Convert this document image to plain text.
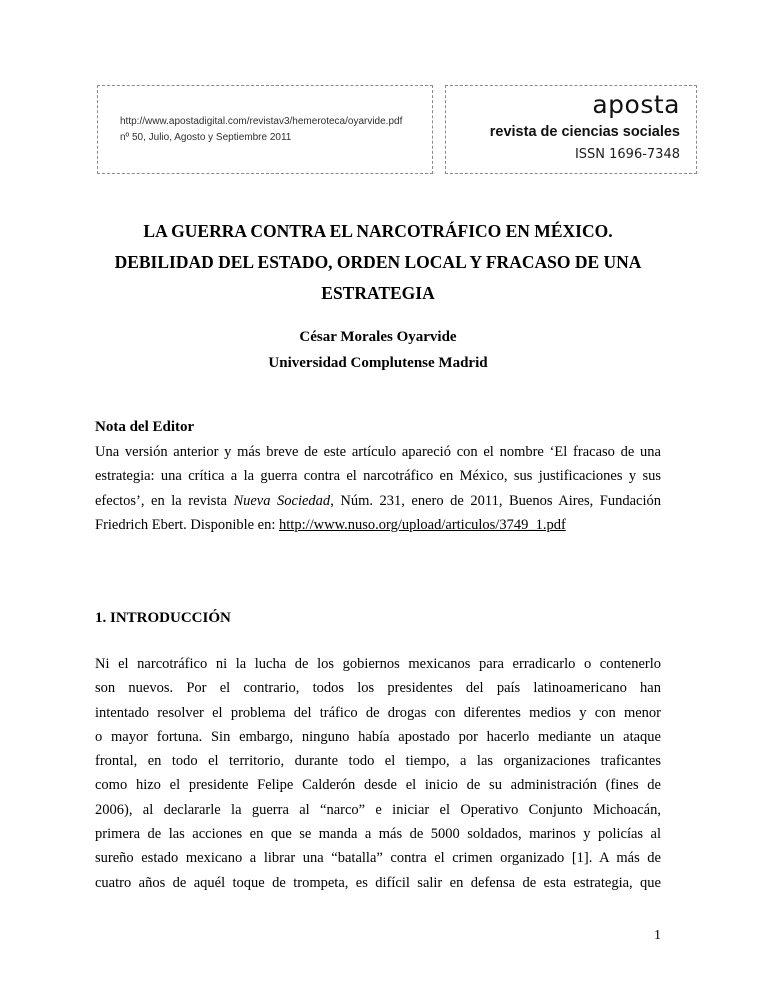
http://www.apostadigital.com/revistav3/hemeroteca/oyarvide.pdf
nº 50, Julio, Agosto y Septiembre 2011
aposta
revista de ciencias sociales
ISSN 1696-7348
LA GUERRA CONTRA EL NARCOTRÁFICO EN MÉXICO.
DEBILIDAD DEL ESTADO, ORDEN LOCAL Y FRACASO DE UNA
ESTRATEGIA
César Morales Oyarvide
Universidad Complutense Madrid
Nota del Editor
Una versión anterior y más breve de este artículo apareció con el nombre ‘El fracaso de una
estrategia: una crítica a la guerra contra el narcotráfico en México, sus justificaciones y sus
efectos’, en la revista Nueva Sociedad, Núm. 231, enero de 2011, Buenos Aires, Fundación
Friedrich Ebert. Disponible en: http://www.nuso.org/upload/articulos/3749_1.pdf
1. INTRODUCCIÓN
Ni el narcotráfico ni la lucha de los gobiernos mexicanos para erradicarlo o contenerlo
son nuevos. Por el contrario, todos los presidentes del país latinoamericano han
intentado resolver el problema del tráfico de drogas con diferentes medios y con menor
o mayor fortuna. Sin embargo, ninguno había apostado por hacerlo mediante un ataque
frontal, en todo el territorio, durante todo el tiempo, a las organizaciones traficantes
como hizo el presidente Felipe Calderón desde el inicio de su administración (fines de
2006), al declararle la guerra al “narco” e iniciar el Operativo Conjunto Michoacán,
primera de las acciones en que se manda a más de 5000 soldados, marinos y policías al
sureño estado mexicano a librar una “batalla” contra el crimen organizado [1]. A más de
cuatro años de aquél toque de trompeta, es difícil salir en defensa de esta estrategia, que
1
